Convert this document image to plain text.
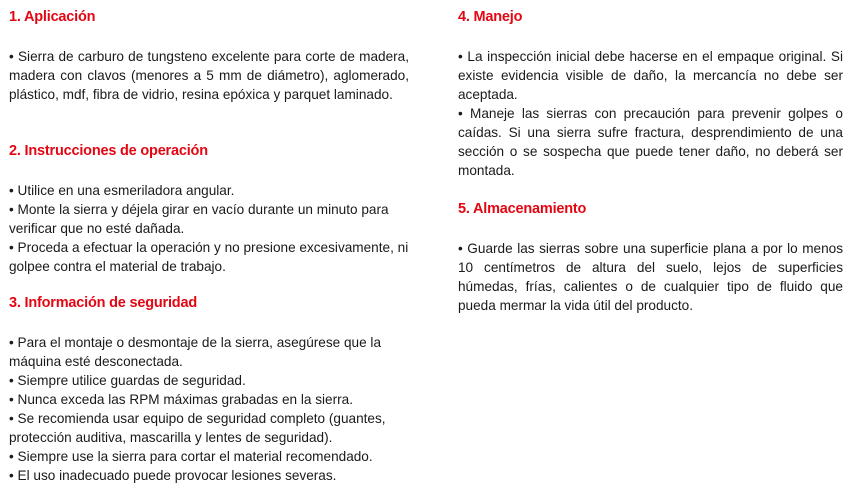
1. Aplicación
• Sierra de carburo de tungsteno excelente para corte de madera, madera con clavos (menores a 5 mm de diámetro), aglomerado, plástico, mdf, fibra de vidrio, resina epóxica y parquet laminado.
2. Instrucciones de operación
• Utilice en una esmeriladora angular.
• Monte la sierra y déjela girar en vacío durante un minuto para verificar que no esté dañada.
• Proceda a efectuar la operación y no presione excesivamente, ni golpee contra el material de trabajo.
3. Información de seguridad
• Para el montaje o desmontaje de la sierra, asegúrese que la máquina esté desconectada.
• Siempre utilice guardas de seguridad.
• Nunca exceda las RPM máximas grabadas en la sierra.
• Se recomienda usar equipo de seguridad completo (guantes, protección auditiva, mascarilla y lentes de seguridad).
• Siempre use la sierra para cortar el material recomendado.
• El uso inadecuado puede provocar lesiones severas.
4. Manejo
• La inspección inicial debe hacerse en el empaque original. Si existe evidencia visible de daño, la mercancía no debe ser aceptada.
• Maneje las sierras con precaución para prevenir golpes o caídas. Si una sierra sufre fractura, desprendimiento de una sección o se sospecha que puede tener daño, no deberá ser montada.
5. Almacenamiento
• Guarde las sierras sobre una superficie plana a por lo menos 10 centímetros de altura del suelo, lejos de superficies húmedas, frías, calientes o de cualquier tipo de fluido que pueda mermar la vida útil del producto.
